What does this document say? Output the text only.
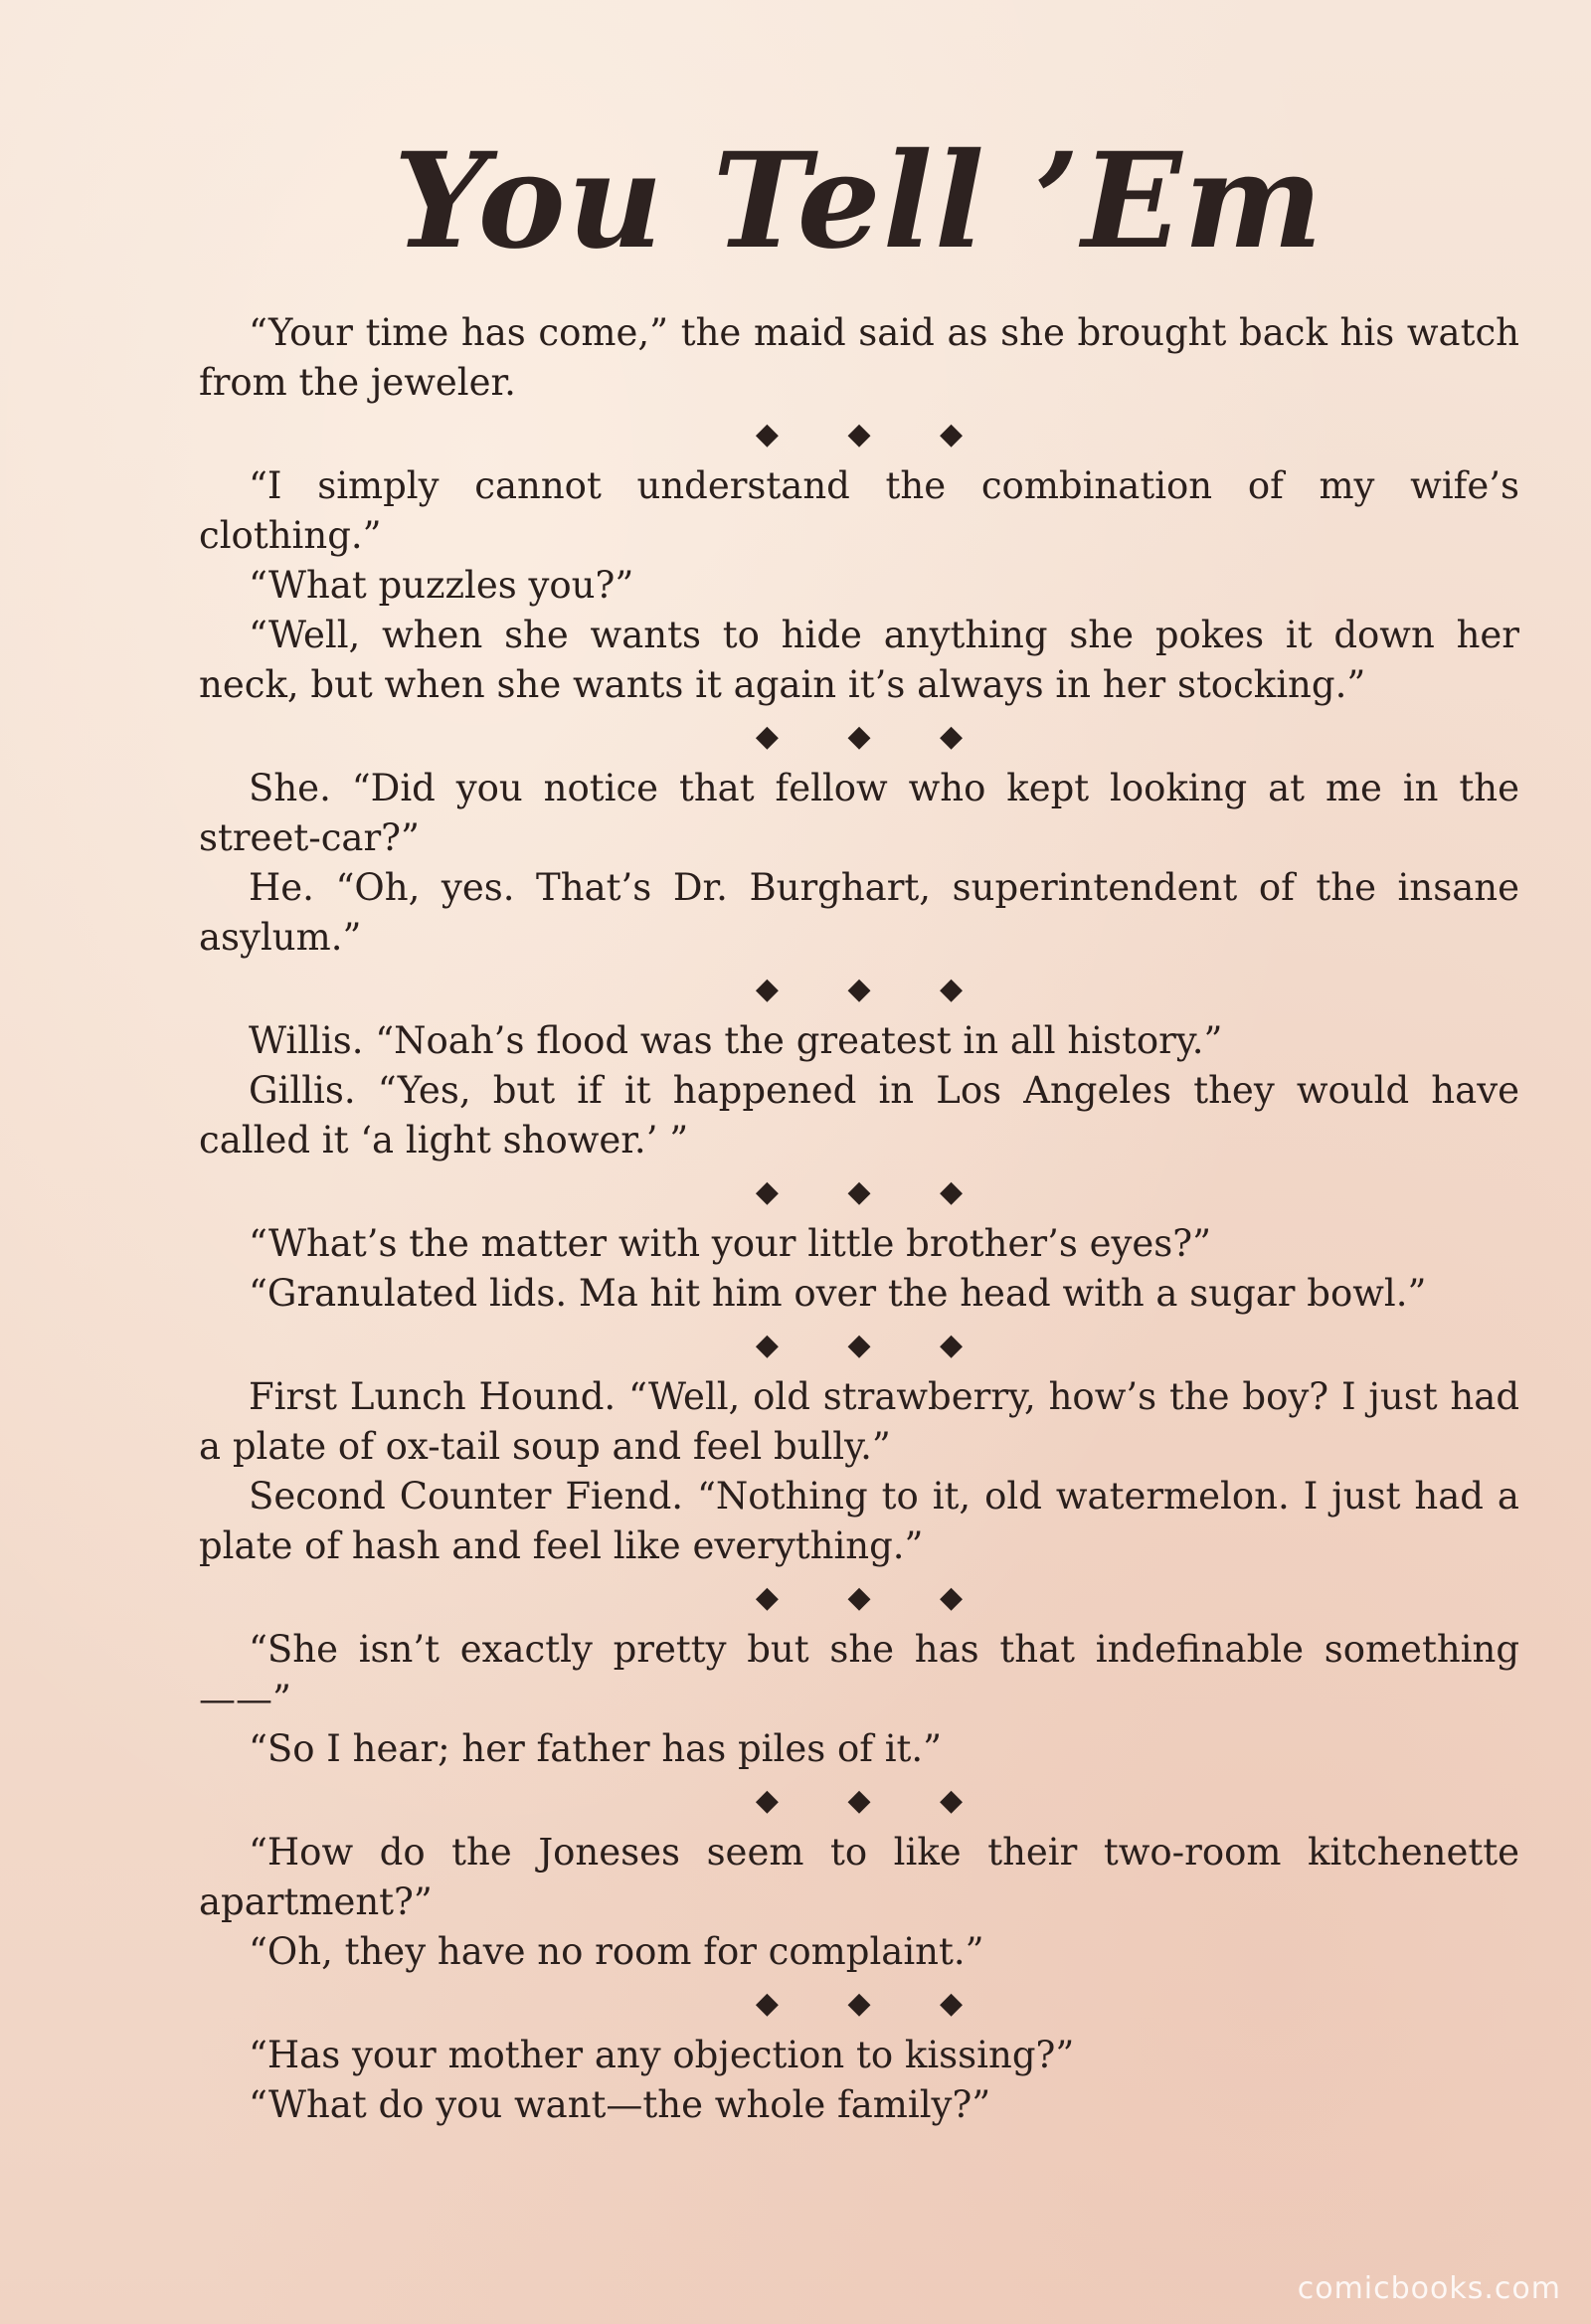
You Tell ’Em

“Your time has come,” the maid said as she brought back his watch from the jeweler.

◆ ◆ ◆

“I simply cannot understand the combination of my wife’s clothing.”

“What puzzles you?”

“Well, when she wants to hide anything she pokes it down her neck, but when she wants it again it’s always in her stocking.”

◆ ◆ ◆

She. “Did you notice that fellow who kept looking at me in the street-car?”

He. “Oh, yes. That’s Dr. Burghart, superintendent of the insane asylum.”

◆ ◆ ◆

Willis. “Noah’s flood was the greatest in all history.”

Gillis. “Yes, but if it happened in Los Angeles they would have called it ‘a light shower.’ ”

◆ ◆ ◆

“What’s the matter with your little brother’s eyes?”

“Granulated lids. Ma hit him over the head with a sugar bowl.”

◆ ◆ ◆

First Lunch Hound. “Well, old strawberry, how’s the boy? I just had a plate of ox-tail soup and feel bully.”

Second Counter Fiend. “Nothing to it, old watermelon. I just had a plate of hash and feel like everything.”

◆ ◆ ◆

“She isn’t exactly pretty but she has that indefinable something——”

“So I hear; her father has piles of it.”

◆ ◆ ◆

“How do the Joneses seem to like their two-room kitchenette apartment?”

“Oh, they have no room for complaint.”

◆ ◆ ◆

“Has your mother any objection to kissing?”

“What do you want—the whole family?”

comicbooks.com
